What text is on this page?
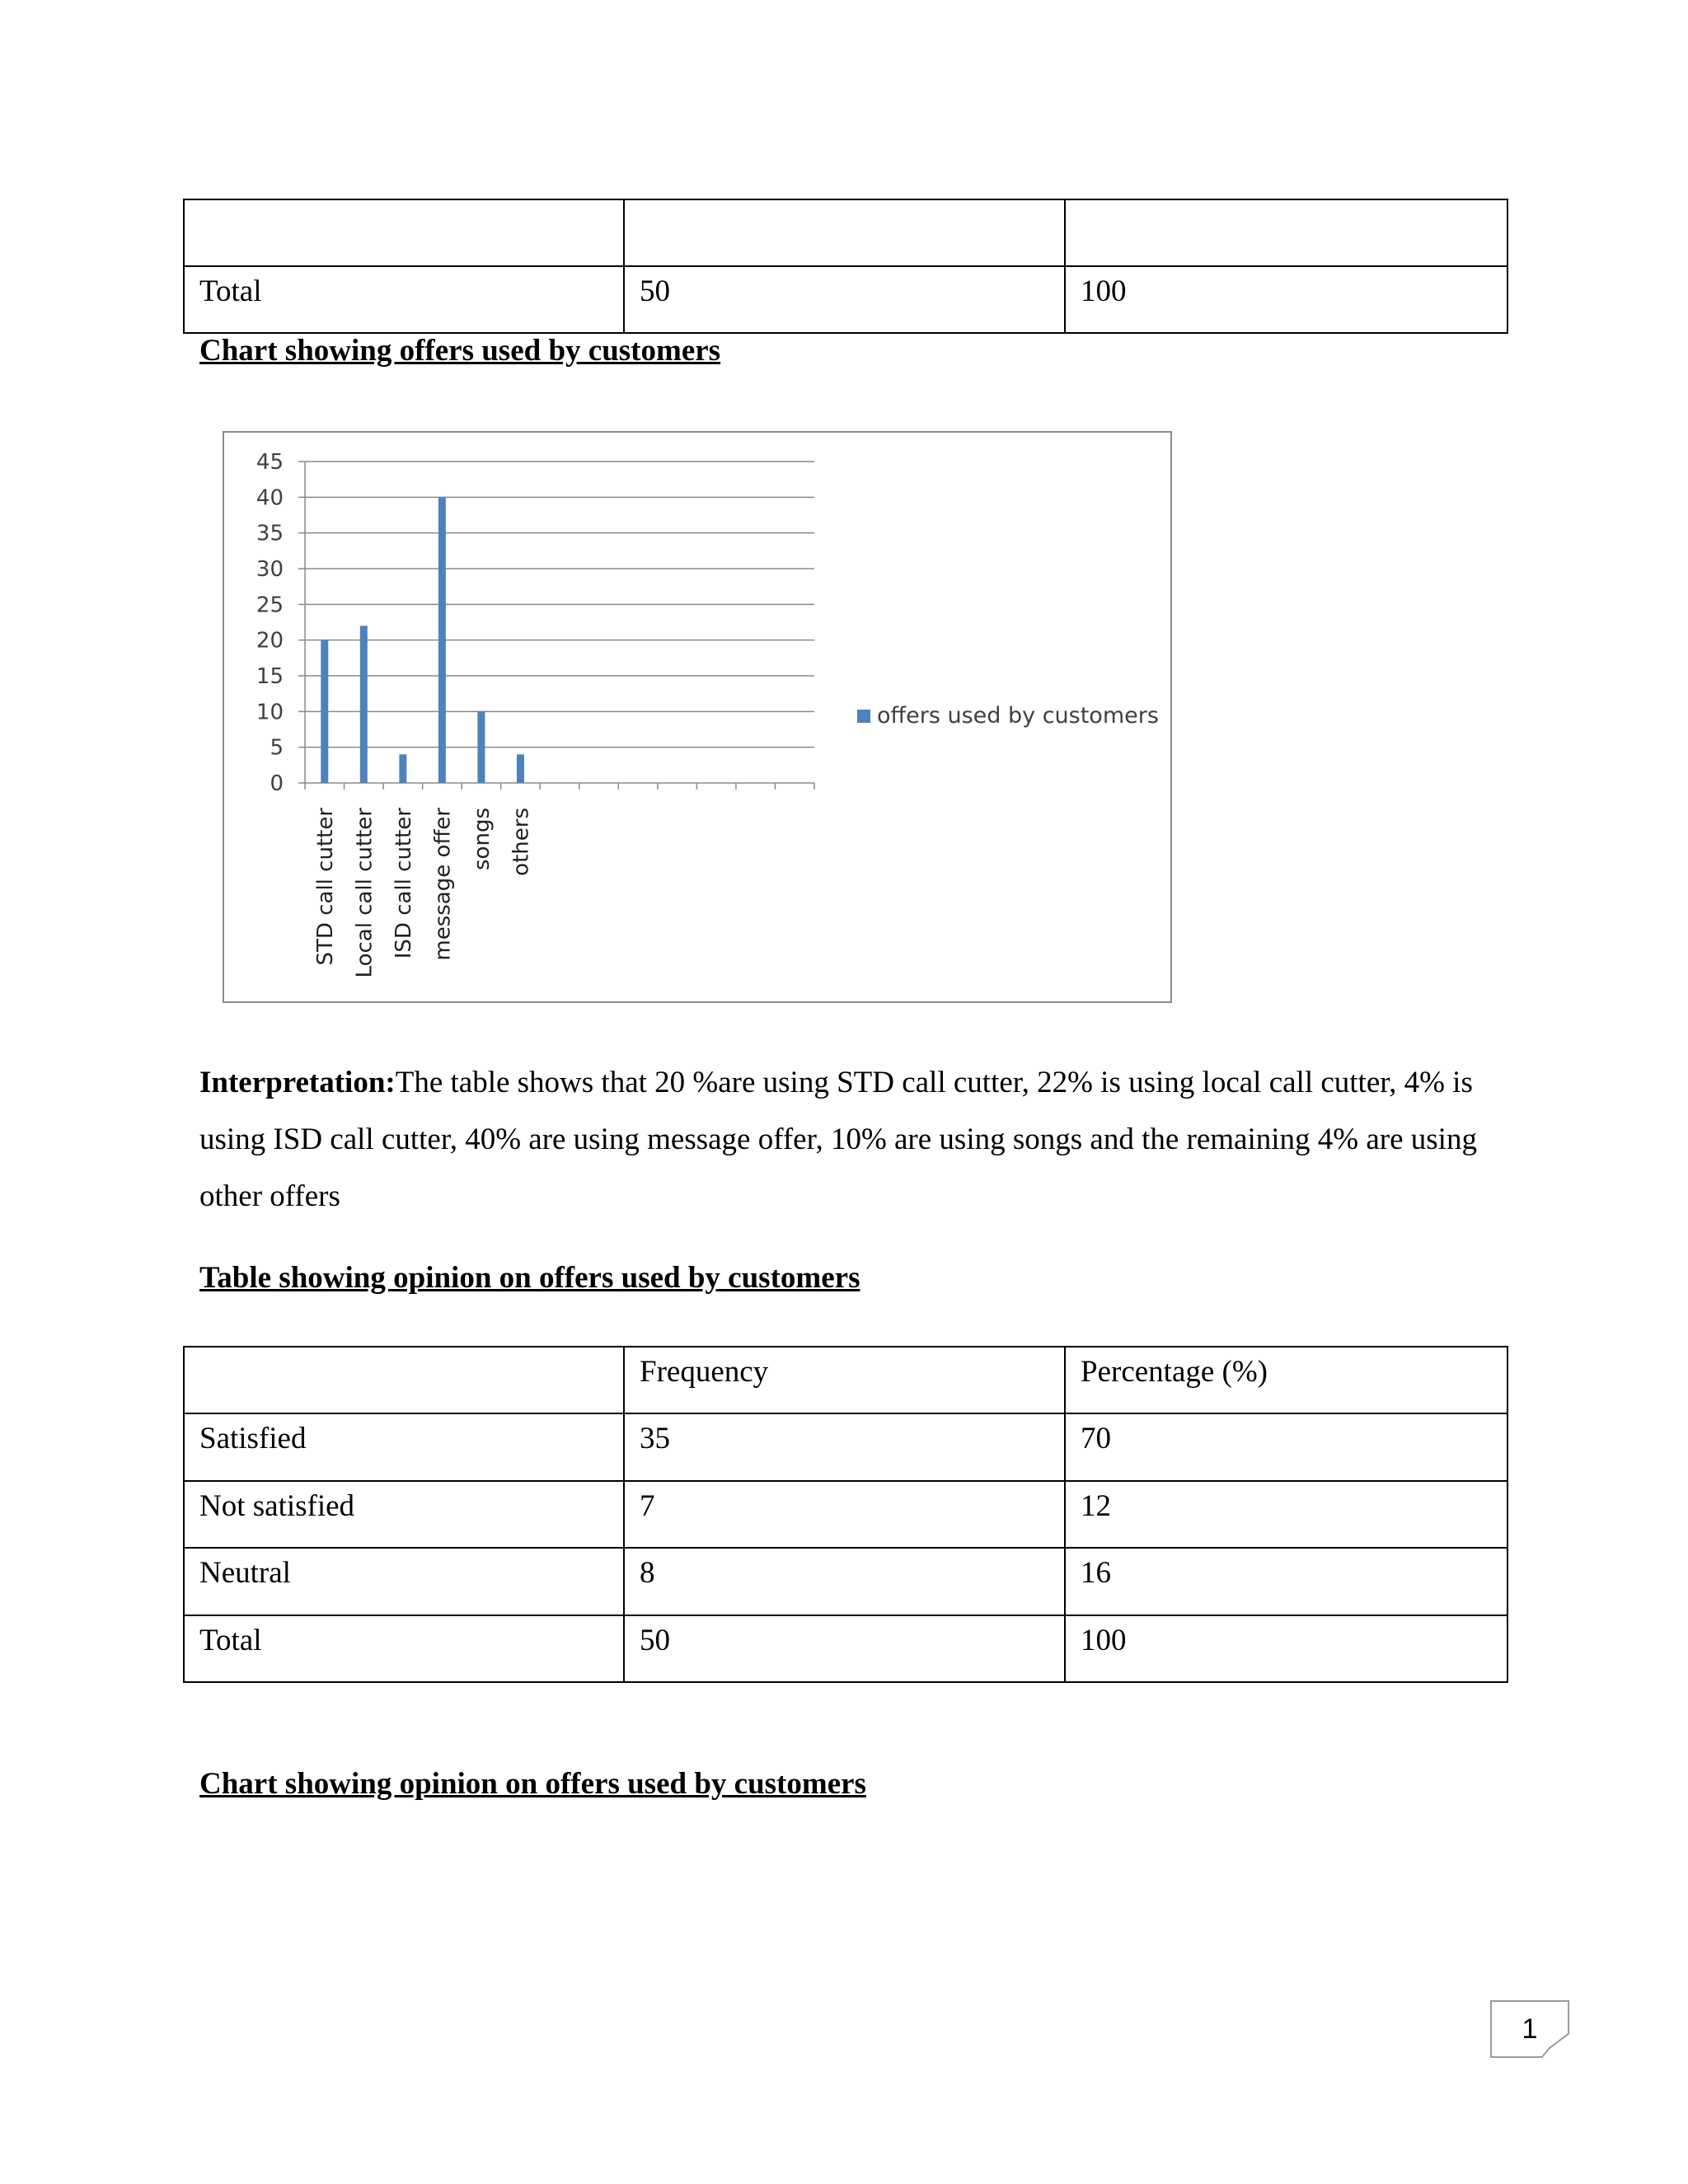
Total	50	100
Chart showing offers used by customers
0
5
10
15
20
25
30
35
40
45
STD call cutter Local call cutter ISD call cutter message offer songs others
offers used by customers
Interpretation:The table shows that 20 %are using STD call cutter, 22% is using local call cutter, 4% is using ISD call cutter, 40% are using message offer, 10% are using songs and the remaining 4% are using other offers
Table showing opinion on offers used by customers
	Frequency	Percentage (%)
Satisfied	35	70
Not satisfied	7	12
Neutral	8	16
Total	50	100
Chart showing opinion on offers used by customers
1
